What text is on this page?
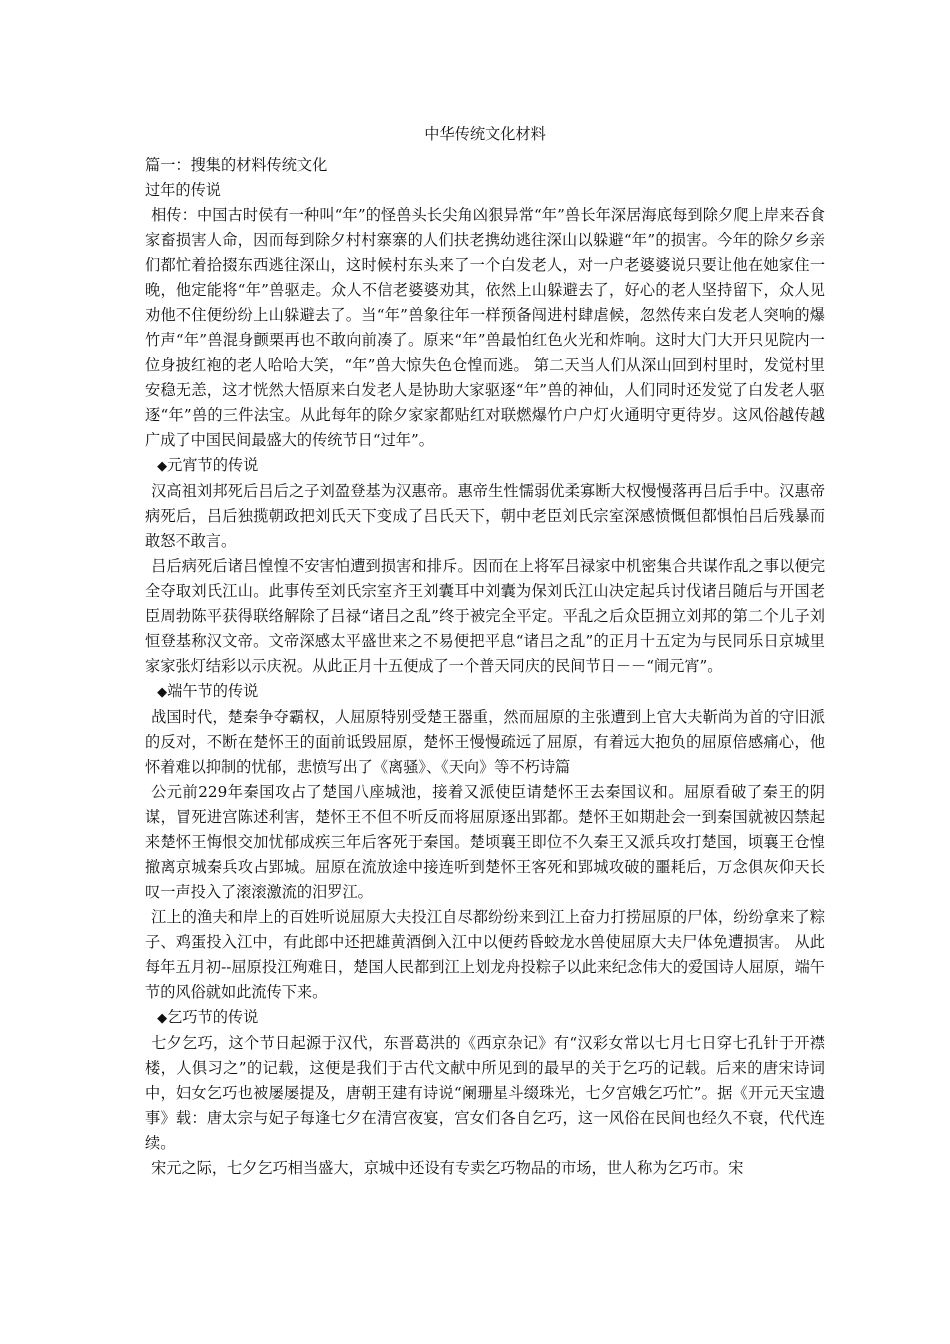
中华传统文化材料
篇一：搜集的材料传统文化
过年的传说

相传：中国古时侯有一种叫“年”的怪兽头长尖角凶狠异常“年”兽长年深居海底每到除夕爬上岸来吞食家畜损害人命，因而每到除夕村村寨寨的人们扶老携幼逃往深山以躲避“年”的损害。今年的除夕乡亲们都忙着拾掇东西逃往深山，这时候村东头来了一个白发老人，对一户老婆婆说只要让他在她家住一晚，他定能将“年”兽驱走。众人不信老婆婆劝其，依然上山躲避去了，好心的老人坚持留下，众人见劝他不住便纷纷上山躲避去了。当“年”兽象往年一样预备闯进村肆虐候，忽然传来白发老人突响的爆竹声“年”兽混身颤栗再也不敢向前凑了。原来“年”兽最怕红色火光和炸响。这时大门大开只见院内一位身披红袍的老人哈哈大笑，“年”兽大惊失色仓惶而逃。 第二天当人们从深山回到村里时，发觉村里安稳无恙，这才恍然大悟原来白发老人是协助大家驱逐“年”兽的神仙，人们同时还发觉了白发老人驱逐“年”兽的三件法宝。从此每年的除夕家家都贴红对联燃爆竹户户灯火通明守更待岁。这风俗越传越广成了中国民间最盛大的传统节日“过年”。

◆元宵节的传说

汉高祖刘邦死后吕后之子刘盈登基为汉惠帝。惠帝生性懦弱优柔寡断大权慢慢落再吕后手中。汉惠帝病死后，吕后独揽朝政把刘氏天下变成了吕氏天下，朝中老臣刘氏宗室深感愤慨但都惧怕吕后残暴而敢怒不敢言。

吕后病死后诸吕惶惶不安害怕遭到损害和排斥。因而在上将军吕禄家中机密集合共谋作乱之事以便完全夺取刘氏江山。此事传至刘氏宗室齐王刘囊耳中刘囊为保刘氏江山决定起兵讨伐诸吕随后与开国老臣周勃陈平获得联络解除了吕禄“诸吕之乱”终于被完全平定。平乱之后众臣拥立刘邦的第二个儿子刘恒登基称汉文帝。文帝深感太平盛世来之不易便把平息“诸吕之乱”的正月十五定为与民同乐日京城里家家张灯结彩以示庆祝。从此正月十五便成了一个普天同庆的民间节日－－“闹元宵”。

◆端午节的传说

战国时代，楚秦争夺霸权，人屈原特别受楚王器重，然而屈原的主张遭到上官大夫靳尚为首的守旧派的反对，不断在楚怀王的面前诋毁屈原，楚怀王慢慢疏远了屈原，有着远大抱负的屈原倍感痛心，他怀着难以抑制的忧郁，悲愤写出了《离骚》、《天向》等不朽诗篇

公元前229年秦国攻占了楚国八座城池，接着又派使臣请楚怀王去秦国议和。屈原看破了秦王的阴谋，冒死进宫陈述利害，楚怀王不但不听反而将屈原逐出郢都。楚怀王如期赴会一到秦国就被囚禁起来楚怀王悔恨交加忧郁成疾三年后客死于秦国。楚顷襄王即位不久秦王又派兵攻打楚国，顷襄王仓惶撤离京城秦兵攻占郢城。屈原在流放途中接连听到楚怀王客死和郢城攻破的噩耗后，万念俱灰仰天长叹一声投入了滚滚激流的汨罗江。

江上的渔夫和岸上的百姓听说屈原大夫投江自尽都纷纷来到江上奋力打捞屈原的尸体，纷纷拿来了粽子、鸡蛋投入江中，有此郎中还把雄黄酒倒入江中以便药昏蛟龙水兽使屈原大夫尸体免遭损害。 从此每年五月初--屈原投江殉难日，楚国人民都到江上划龙舟投粽子以此来纪念伟大的爱国诗人屈原，端午节的风俗就如此流传下来。

◆乞巧节的传说

七夕乞巧，这个节日起源于汉代，东晋葛洪的《西京杂记》有“汉彩女常以七月七日穿七孔针于开襟楼，人俱习之”的记载，这便是我们于古代文献中所见到的最早的关于乞巧的记载。后来的唐宋诗词中，妇女乞巧也被屡屡提及，唐朝王建有诗说“阑珊星斗缀珠光，七夕宫娥乞巧忙”。据《开元天宝遗事》载：唐太宗与妃子每逢七夕在清宫夜宴，宫女们各自乞巧，这一风俗在民间也经久不衰，代代连续。

宋元之际，七夕乞巧相当盛大，京城中还设有专卖乞巧物品的市场，世人称为乞巧市。宋
